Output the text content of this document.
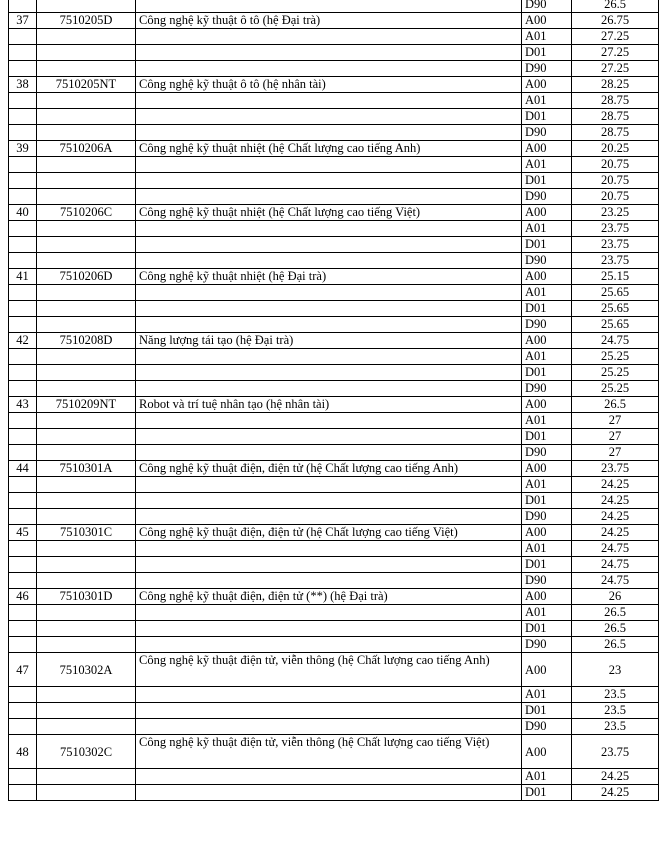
			D90	26.5
37	7510205D	Công nghệ kỹ thuật ô tô (hệ Đại trà)	A00	26.75
			A01	27.25
			D01	27.25
			D90	27.25
38	7510205NT	Công nghệ kỹ thuật ô tô (hệ nhân tài)	A00	28.25
			A01	28.75
			D01	28.75
			D90	28.75
39	7510206A	Công nghệ kỹ thuật nhiệt (hệ Chất lượng cao tiếng Anh)	A00	20.25
			A01	20.75
			D01	20.75
			D90	20.75
40	7510206C	Công nghệ kỹ thuật nhiệt (hệ Chất lượng cao tiếng Việt)	A00	23.25
			A01	23.75
			D01	23.75
			D90	23.75
41	7510206D	Công nghệ kỹ thuật nhiệt (hệ Đại trà)	A00	25.15
			A01	25.65
			D01	25.65
			D90	25.65
42	7510208D	Năng lượng tái tạo (hệ Đại trà)	A00	24.75
			A01	25.25
			D01	25.25
			D90	25.25
43	7510209NT	Robot và trí tuệ nhân tạo (hệ nhân tài)	A00	26.5
			A01	27
			D01	27
			D90	27
44	7510301A	Công nghệ kỹ thuật điện, điện tử (hệ Chất lượng cao tiếng Anh)	A00	23.75
			A01	24.25
			D01	24.25
			D90	24.25
45	7510301C	Công nghệ kỹ thuật điện, điện tử (hệ Chất lượng cao tiếng Việt)	A00	24.25
			A01	24.75
			D01	24.75
			D90	24.75
46	7510301D	Công nghệ kỹ thuật điện, điện tử (**) (hệ Đại trà)	A00	26
			A01	26.5
			D01	26.5
			D90	26.5
47	7510302A	Công nghệ kỹ thuật điện tử, viễn thông (hệ Chất lượng cao tiếng Anh)	A00	23
			A01	23.5
			D01	23.5
			D90	23.5
48	7510302C	Công nghệ kỹ thuật điện tử, viễn thông (hệ Chất lượng cao tiếng Việt)	A00	23.75
			A01	24.25
			D01	24.25
